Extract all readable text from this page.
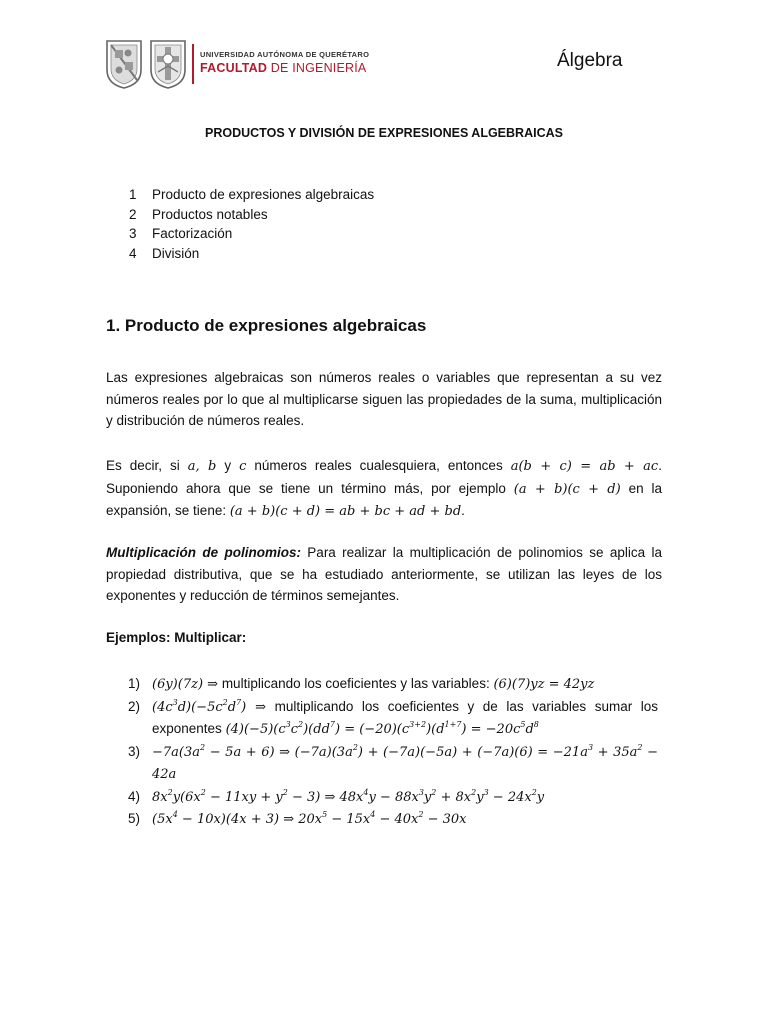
UNIVERSIDAD AUTÓNOMA DE QUERÉTARO
FACULTAD DE INGENIERÍA	Álgebra
PRODUCTOS Y DIVISIÓN DE EXPRESIONES ALGEBRAICAS
1	Producto de expresiones algebraicas
2	Productos notables
3	Factorización
4	División
1. Producto de expresiones algebraicas
Las expresiones algebraicas son números reales o variables que representan a su vez números reales por lo que al multiplicarse siguen las propiedades de la suma, multiplicación y distribución de números reales.
Es decir, si a, b y c números reales cualesquiera, entonces a(b + c) = ab + ac. Suponiendo ahora que se tiene un término más, por ejemplo (a + b)(c + d) en la expansión, se tiene: (a + b)(c + d) = ab + bc + ad + bd.
Multiplicación de polinomios: Para realizar la multiplicación de polinomios se aplica la propiedad distributiva, que se ha estudiado anteriormente, se utilizan las leyes de los exponentes y reducción de términos semejantes.
Ejemplos: Multiplicar:
1) (6y)(7z) ⇒ multiplicando los coeficientes y las variables: (6)(7)yz = 42yz
2) $(4c^3d)(-5c^2d^7)$ ⇒ multiplicando los coeficientes y de las variables sumar los exponentes $(4)(-5)(c^3c^2)(dd^7) = (-20)(c^{3+2})(d^{1+7}) = -20c^5d^8$
$3) -7a(3a^2 - 5a + 6)$ ⇒ $(-7a)(3a^2) + (-7a)(-5a) + (-7a)(6) = -21a^3 + 35a^2 - 42a$
4) $8x^2y(6x^2 - 11xy + y^2 - 3)$ ⇒ $48x^4y - 88x^3y^2 + 8x^2y^3 - 24x^2y$
5) $(5x^4 - 10x)(4x + 3)$ ⇒ $20x^5 - 15x^4 - 40x^2 - 30x$
